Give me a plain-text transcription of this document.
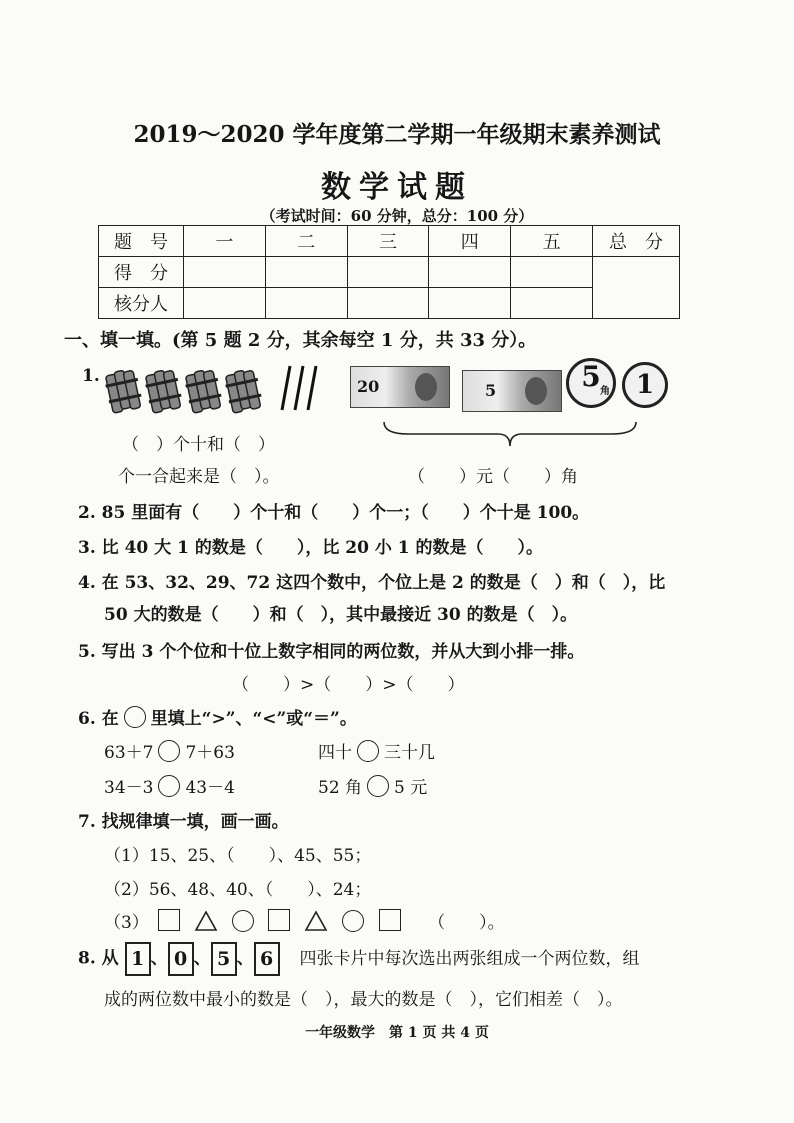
2019～2020 学年度第二学期一年级期末素养测试
数学试题
（考试时间：60 分钟，总分：100 分）
题　号	一	二	三	四	五	总　分
得　分						
核分人						
一、填一填。(第 5 题 2 分，其余每空 1 分，共 33 分）。
1.
（　）个十和（　）
个一合起来是（　）。
20	5	5 角 1
（　　）元（　　）角
2. 85 里面有（　　）个十和（　　）个一；（　　）个十是 100。
3. 比 40 大 1 的数是（　　），比 20 小 1 的数是（　　）。
4. 在 53、32、29、72 这四个数中，个位上是 2 的数是（　）和（　），比
50 大的数是（　　）和（　），其中最接近 30 的数是（　）。
5. 写出 3 个个位和十位上数字相同的两位数，并从大到小排一排。
（　　）>（　　）>（　　）
6. 在 里填上“>”、“<”或“＝”。
63＋7 7＋63	四十 三十几
34－3 43－4	52 角 5 元
7. 找规律填一填，画一画。
（1）15、25、（　　）、45、55；
（2）56、48、40、（　　）、24；
（3）	（　　）。
8. 从 1 、 0 、 5 、 6 四张卡片中每次选出两张组成一个两位数，组
成的两位数中最小的数是（　），最大的数是（　），它们相差（　）。
一年级数学　第 1 页 共 4 页
